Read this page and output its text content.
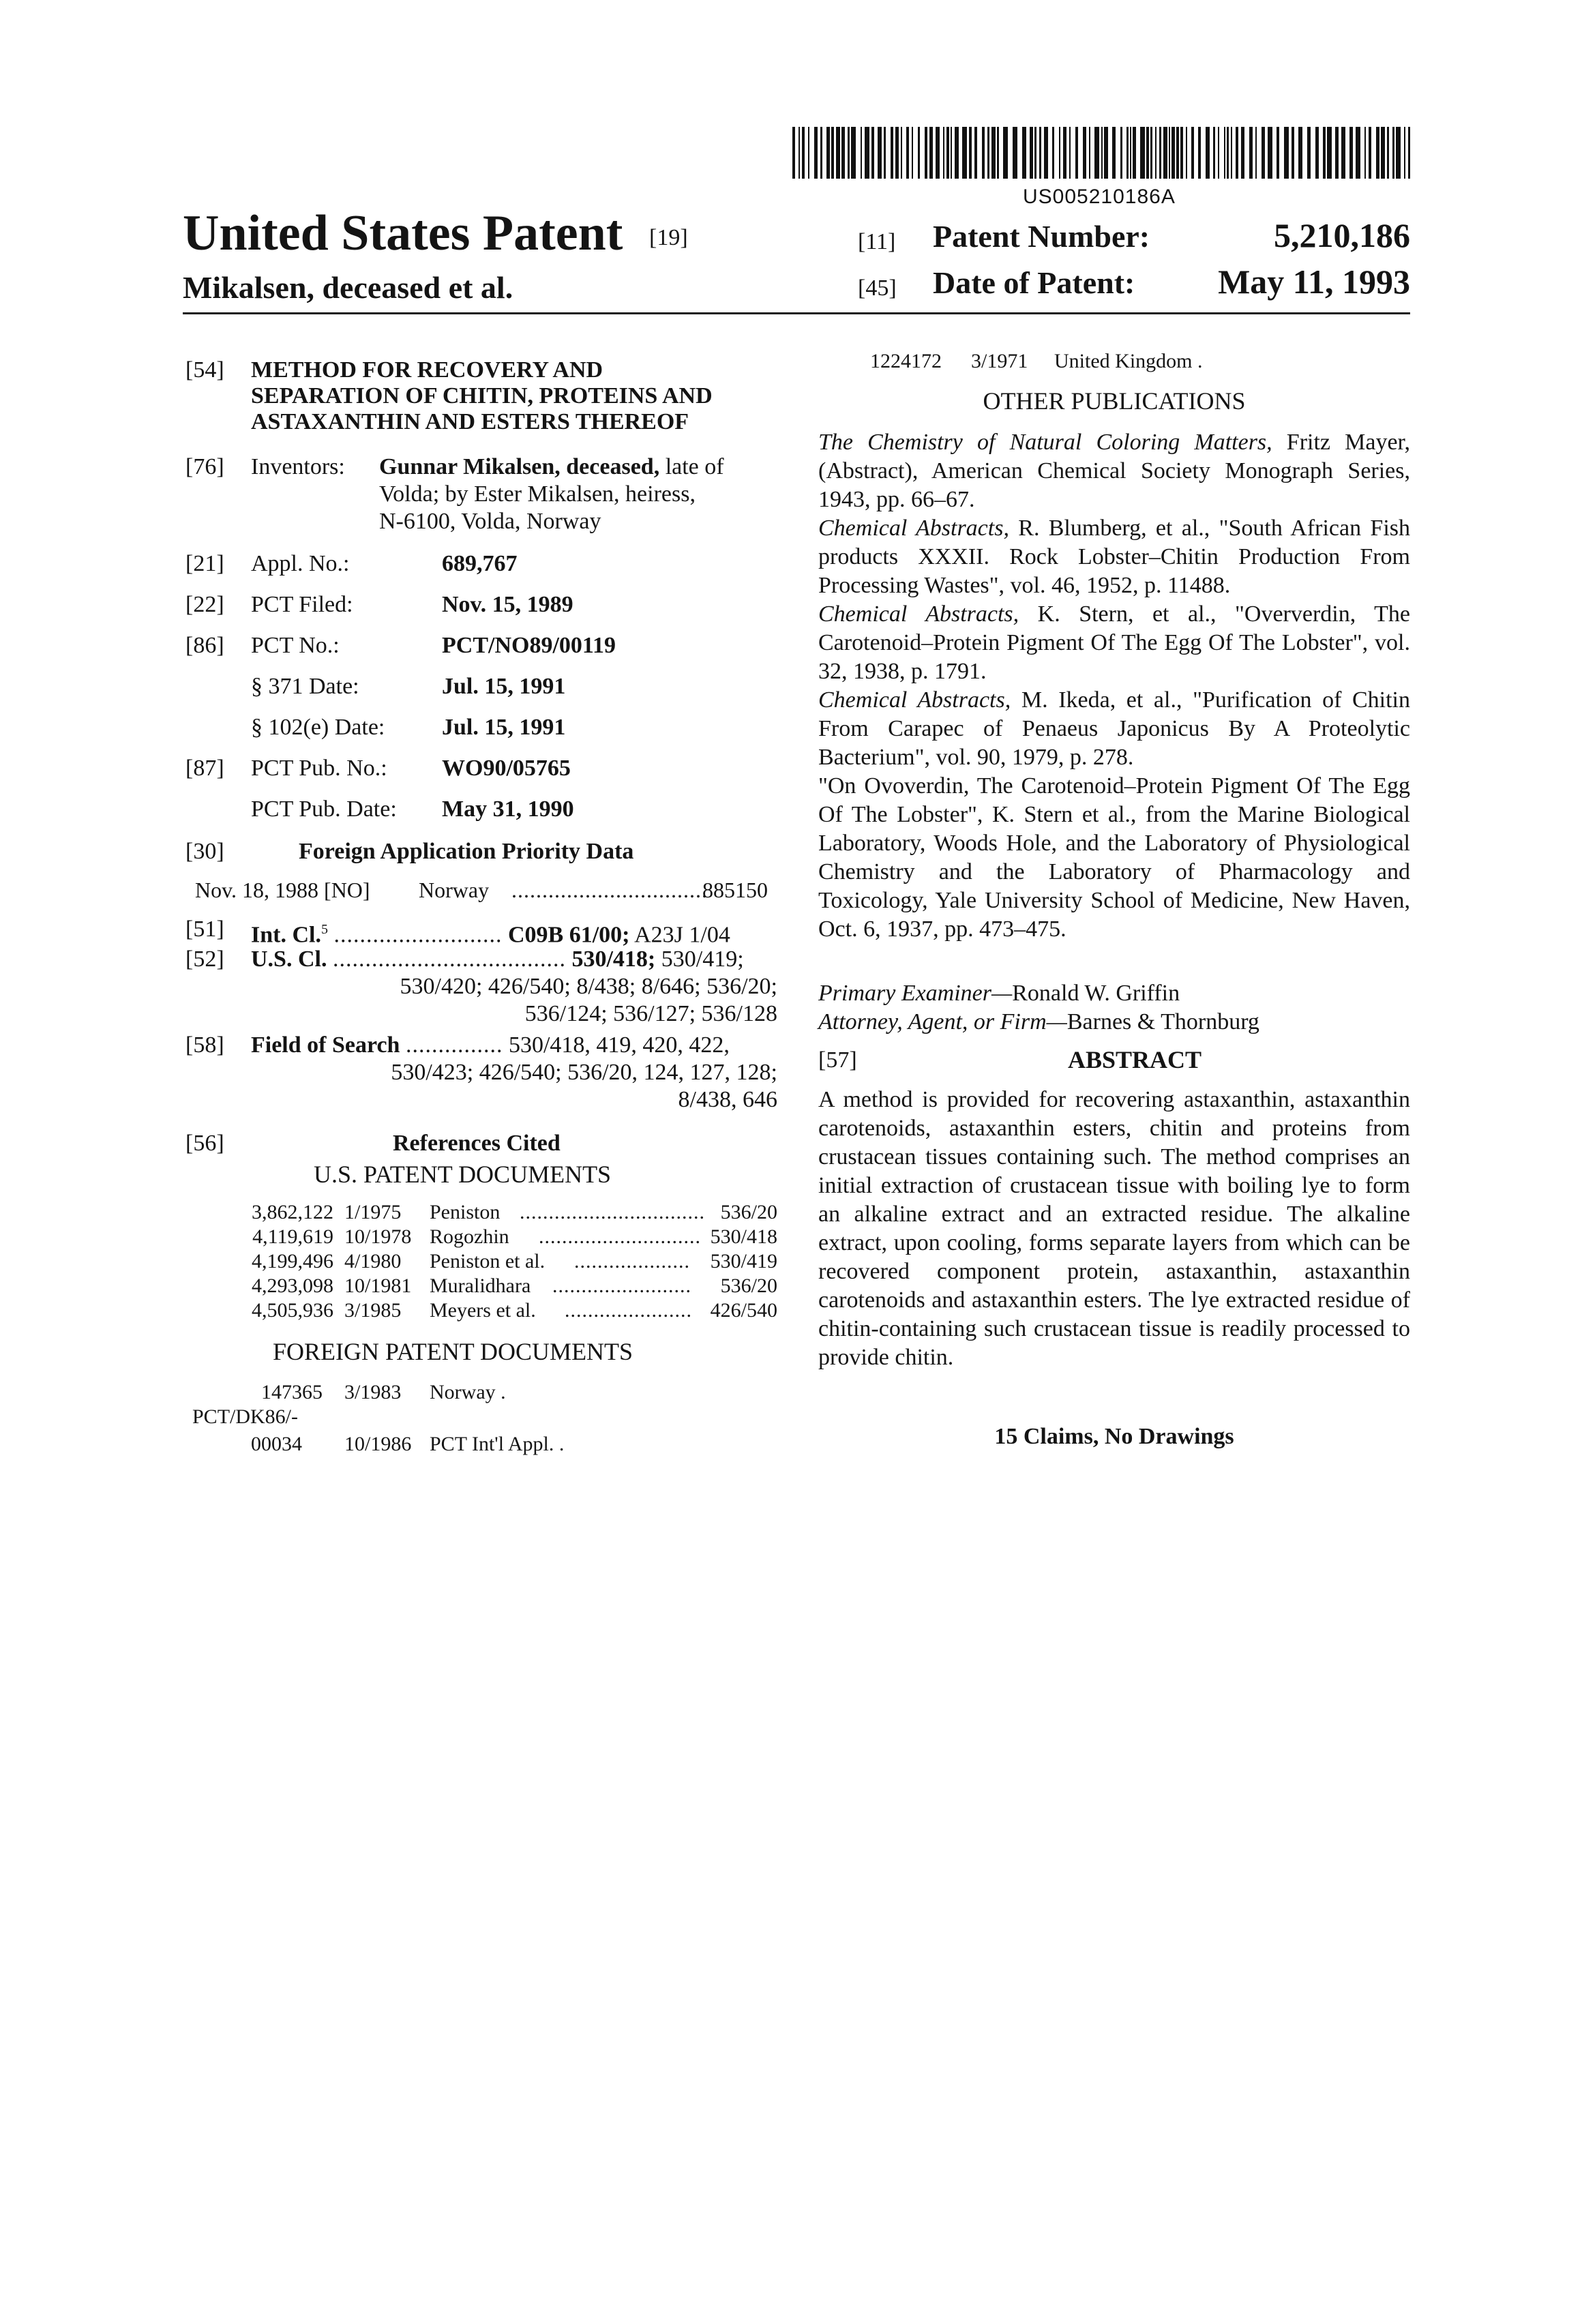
US005210186A
United States Patent [19]
Mikalsen, deceased et al.
[11] Patent Number:	5,210,186
[45] Date of Patent:	May 11, 1993
[54] METHOD FOR RECOVERY AND
SEPARATION OF CHITIN, PROTEINS AND
ASTAXANTHIN AND ESTERS THEREOF
[76] Inventors: Gunnar Mikalsen, deceased, late of
Volda; by Ester Mikalsen, heiress,
N-6100, Volda, Norway
[21] Appl. No.:	689,767
[22] PCT Filed:	Nov. 15, 1989
[86] PCT No.:	PCT/NO89/00119
§ 371 Date:	Jul. 15, 1991
§ 102(e) Date: Jul. 15, 1991
[87] PCT Pub. No.: WO90/05765
PCT Pub. Date: May 31, 1990
[30]	Foreign Application Priority Data
Nov. 18, 1988 [NO] Norway ................................
885150
[51] Int. Cl.5 .......................... C09B 61/00; A23J 1/04
[52] U.S. Cl. .................................... 530/418; 530/419;
530/420; 426/540; 8/438; 8/646; 536/20;
536/124; 536/127; 536/128
[58] Field of Search ............... 530/418, 419, 420, 422,
530/423; 426/540; 536/20, 124, 127, 128;
8/438, 646
[56]	References Cited
U.S. PATENT DOCUMENTS
3,862,122 1/1975 Peniston ................................ 536/20
4,119,619 10/1978 Rogozhin ............................ 530/418
4,199,496 4/1980 Peniston et al. .................... 530/419
4,293,098 10/1981 Muralidhara ........................	536/20
4,505,936 3/1985 Meyers et al. ...................... 426/540
FOREIGN PATENT DOCUMENTS
147365 3/1983 Norway .
PCT/DK86/-
00034 10/1986 PCT Int'l Appl. .
1224172 3/1971 United Kingdom .
OTHER PUBLICATIONS
The Chemistry of Natural Coloring Matters, Fritz Mayer, (Abstract), American Chemical Society Monograph Series, 1943, pp. 66–67.
Chemical Abstracts, R. Blumberg, et al., "South African Fish products XXXII. Rock Lobster–Chitin Production From Processing Wastes", vol. 46, 1952, p. 11488.
Chemical Abstracts, K. Stern, et al., "Oververdin, The Carotenoid–Protein Pigment Of The Egg Of The Lobster", vol. 32, 1938, p. 1791.
Chemical Abstracts, M. Ikeda, et al., "Purification of Chitin From Carapec of Penaeus Japonicus By A Proteolytic Bacterium", vol. 90, 1979, p. 278.
"On Ovoverdin, The Carotenoid–Protein Pigment Of The Egg Of The Lobster", K. Stern et al., from the Marine Biological Laboratory, Woods Hole, and the Laboratory of Physiological Chemistry and the Laboratory of Pharmacology and Toxicology, Yale University School of Medicine, New Haven, Oct. 6, 1937, pp. 473–475.
Primary Examiner—Ronald W. Griffin
Attorney, Agent, or Firm—Barnes & Thornburg
[57]	ABSTRACT
A method is provided for recovering astaxanthin, astaxanthin carotenoids, astaxanthin esters, chitin and proteins from crustacean tissues containing such. The method comprises an initial extraction of crustacean tissue with boiling lye to form an alkaline extract and an extracted residue. The alkaline extract, upon cooling, forms separate layers from which can be recovered component protein, astaxanthin, astaxanthin carotenoids and astaxanthin esters. The lye extracted residue of chitin-containing such crustacean tissue is readily processed to provide chitin.
15 Claims, No Drawings
